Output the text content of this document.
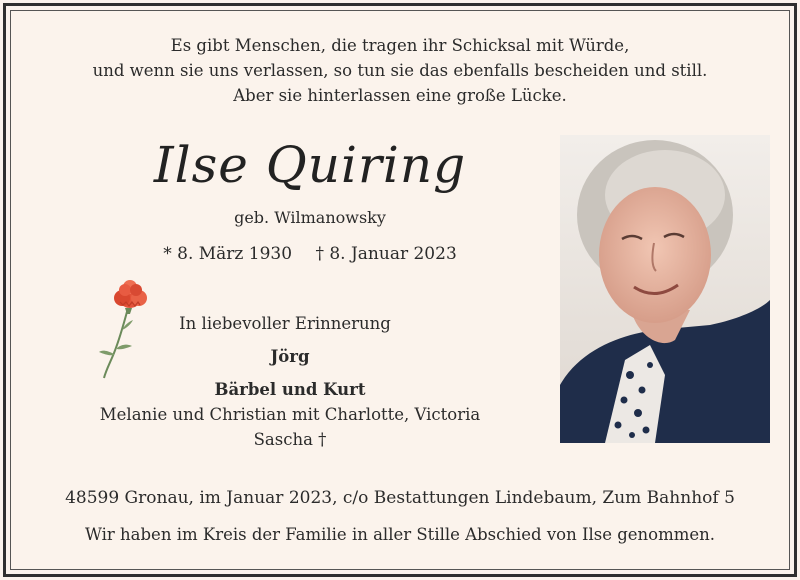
Es gibt Menschen, die tragen ihr Schicksal mit Würde,
und wenn sie uns verlassen, so tun sie das ebenfalls bescheiden und still.
Aber sie hinterlassen eine große Lücke.
Ilse Quiring
geb. Wilmanowsky
* 8. März 1930 † 8. Januar 2023
In liebevoller Erinnerung
Jörg
Bärbel und Kurt
Melanie und Christian mit Charlotte, Victoria
Sascha †
48599 Gronau, im Januar 2023, c/o Bestattungen Lindebaum, Zum Bahnhof 5
Wir haben im Kreis der Familie in aller Stille Abschied von Ilse genommen.
